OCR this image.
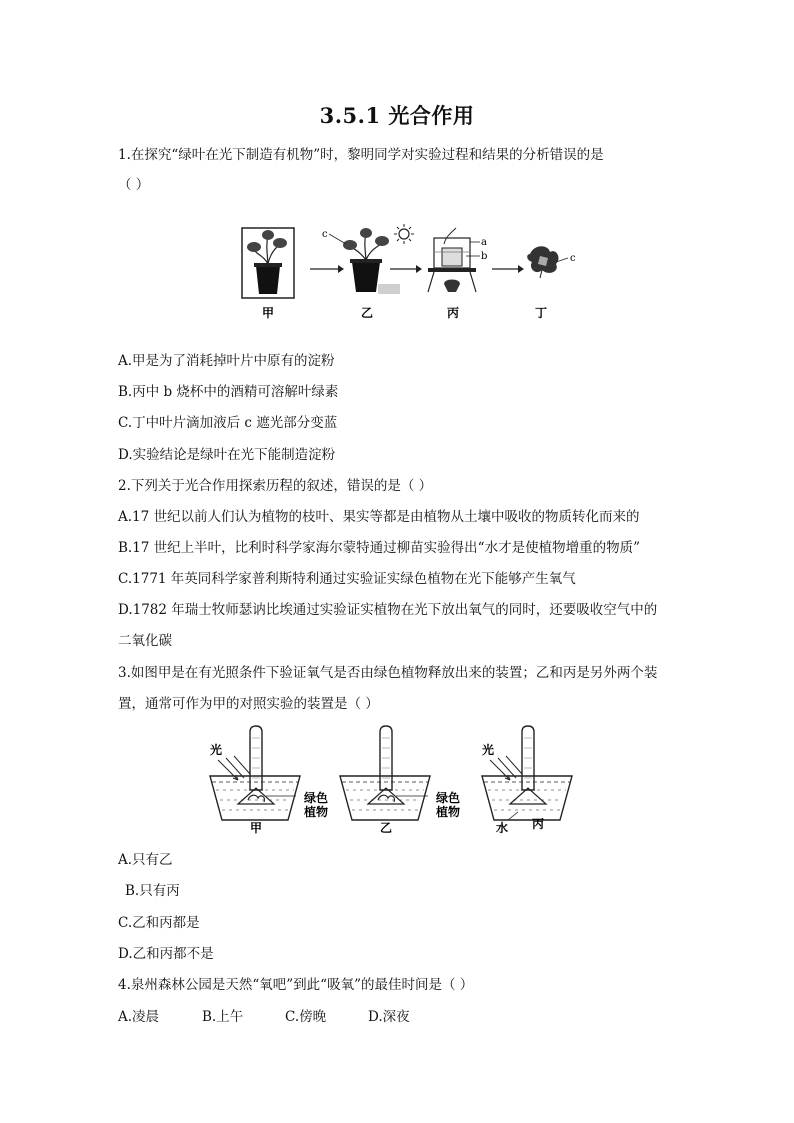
3.5.1 光合作用
1.在探究“绿叶在光下制造有机物”时，黎明同学对实验过程和结果的分析错误的是
（ ）
c
a
b	c
甲	乙	丙	丁
A.甲是为了消耗掉叶片中原有的淀粉
B.丙中 b 烧杯中的酒精可溶解叶绿素
C.丁中叶片滴加液后 c 遮光部分变蓝
D.实验结论是绿叶在光下能制造淀粉
2.下列关于光合作用探索历程的叙述，错误的是（ ）
A.17 世纪以前人们认为植物的枝叶、果实等都是由植物从土壤中吸收的物质转化而来的
B.17 世纪上半叶，比利时科学家海尔蒙特通过柳苗实验得出“水才是使植物增重的物质”
C.1771 年英同科学家普利斯特利通过实验证实绿色植物在光下能够产生氧气
D.1782 年瑞士牧师瑟讷比埃通过实验证实植物在光下放出氧气的同时，还要吸收空气中的
二氧化碳
3.如图甲是在有光照条件下验证氧气是否由绿色植物释放出来的装置；乙和丙是另外两个装
置，通常可作为甲的对照实验的装置是（ ）
光
绿色
植物
甲
绿色
植物
乙
光
水 丙
A.只有乙
B.只有丙
C.乙和丙都是
D.乙和丙都不是
4.泉州森林公园是天然“氧吧”到此“吸氧”的最佳时间是（ ）
A.凌晨	B.上午	C.傍晚	D.深夜
